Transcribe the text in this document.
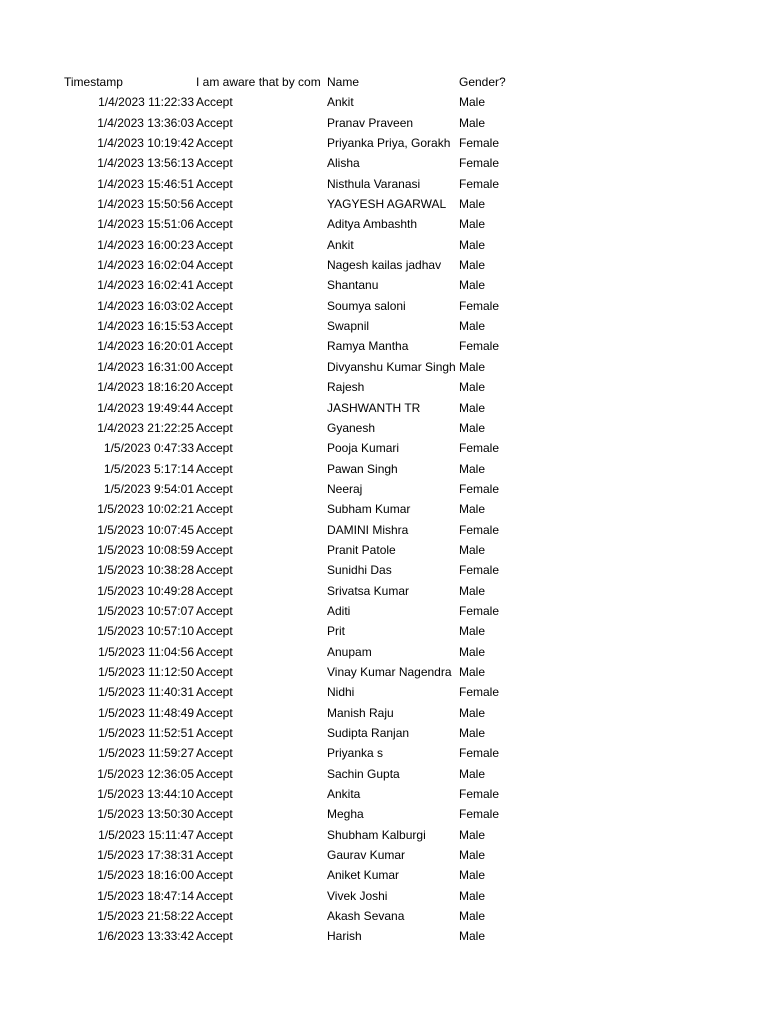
Timestamp	I am aware that by com Name	Gender?
1/4/2023 11:22:33 Accept	Ankit	Male
1/4/2023 13:36:03 Accept	Pranav Praveen	Male
1/4/2023 10:19:42 Accept	Priyanka Priya, Gorakh Female
1/4/2023 13:56:13 Accept	Alisha	Female
1/4/2023 15:46:51 Accept	Nisthula Varanasi	Female
1/4/2023 15:50:56 Accept	YAGYESH AGARWAL	Male
1/4/2023 15:51:06 Accept	Aditya Ambashth	Male
1/4/2023 16:00:23 Accept	Ankit	Male
1/4/2023 16:02:04 Accept	Nagesh kailas jadhav	Male
1/4/2023 16:02:41 Accept	Shantanu	Male
1/4/2023 16:03:02 Accept	Soumya saloni	Female
1/4/2023 16:15:53 Accept	Swapnil	Male
1/4/2023 16:20:01 Accept	Ramya Mantha	Female
1/4/2023 16:31:00 Accept	Divyanshu Kumar Singh Male
1/4/2023 18:16:20 Accept	Rajesh	Male
1/4/2023 19:49:44 Accept	JASHWANTH TR	Male
1/4/2023 21:22:25 Accept	Gyanesh	Male
1/5/2023 0:47:33 Accept	Pooja Kumari	Female
1/5/2023 5:17:14 Accept	Pawan Singh	Male
1/5/2023 9:54:01 Accept	Neeraj	Female
1/5/2023 10:02:21 Accept	Subham Kumar	Male
1/5/2023 10:07:45 Accept	DAMINI Mishra	Female
1/5/2023 10:08:59 Accept	Pranit Patole	Male
1/5/2023 10:38:28 Accept	Sunidhi Das	Female
1/5/2023 10:49:28 Accept	Srivatsa Kumar	Male
1/5/2023 10:57:07 Accept	Aditi	Female
1/5/2023 10:57:10 Accept	Prit	Male
1/5/2023 11:04:56 Accept	Anupam	Male
1/5/2023 11:12:50 Accept	Vinay Kumar Nagendra Male
1/5/2023 11:40:31 Accept	Nidhi	Female
1/5/2023 11:48:49 Accept	Manish Raju	Male
1/5/2023 11:52:51 Accept	Sudipta Ranjan	Male
1/5/2023 11:59:27 Accept	Priyanka s	Female
1/5/2023 12:36:05 Accept	Sachin Gupta	Male
1/5/2023 13:44:10 Accept	Ankita	Female
1/5/2023 13:50:30 Accept	Megha	Female
1/5/2023 15:11:47 Accept	Shubham Kalburgi	Male
1/5/2023 17:38:31 Accept	Gaurav Kumar	Male
1/5/2023 18:16:00 Accept	Aniket Kumar	Male
1/5/2023 18:47:14 Accept	Vivek Joshi	Male
1/5/2023 21:58:22 Accept	Akash Sevana	Male
1/6/2023 13:33:42 Accept	Harish	Male
